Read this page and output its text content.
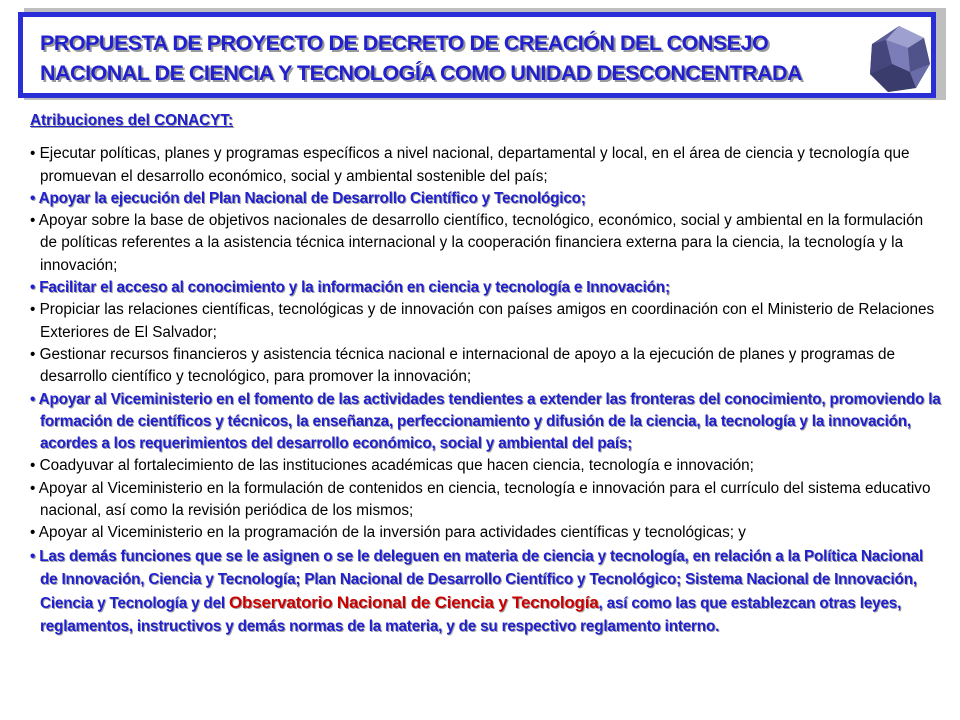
PROPUESTA DE PROYECTO DE DECRETO DE CREACIÓN DEL CONSEJO
NACIONAL DE CIENCIA Y TECNOLOGÍA COMO UNIDAD DESCONCENTRADA

Atribuciones del CONACYT:

• Ejecutar políticas, planes y programas específicos a nivel nacional, departamental y local, en el área de ciencia y tecnología que promuevan el desarrollo económico, social y ambiental sostenible del país;

• Apoyar la ejecución del Plan Nacional de Desarrollo Científico y Tecnológico;

• Apoyar sobre la base de objetivos nacionales de desarrollo científico, tecnológico, económico, social y ambiental en la formulación de políticas referentes a la asistencia técnica internacional y la cooperación financiera externa para la ciencia, la tecnología y la innovación;

• Facilitar el acceso al conocimiento y la información en ciencia y tecnología e Innovación;

• Propiciar las relaciones científicas, tecnológicas y de innovación con países amigos en coordinación con el Ministerio de Relaciones Exteriores de El Salvador;

• Gestionar recursos financieros y asistencia técnica nacional e internacional de apoyo a la ejecución de planes y programas de desarrollo científico y tecnológico, para promover la innovación;

• Apoyar al Viceministerio en el fomento de las actividades tendientes a extender las fronteras del conocimiento, promoviendo la formación de científicos y técnicos, la enseñanza, perfeccionamiento y difusión de la ciencia, la tecnología y la innovación, acordes a los requerimientos del desarrollo económico, social y ambiental del país;

• Coadyuvar al fortalecimiento de las instituciones académicas que hacen ciencia, tecnología e innovación;

• Apoyar al Viceministerio en la formulación de contenidos en ciencia, tecnología e innovación para el currículo del sistema educativo nacional, así como la revisión periódica de los mismos;

• Apoyar al Viceministerio en la programación de la inversión para actividades científicas y tecnológicas; y

• Las demás funciones que se le asignen o se le deleguen en materia de ciencia y tecnología, en relación a la Política Nacional de Innovación, Ciencia y Tecnología; Plan Nacional de Desarrollo Científico y Tecnológico; Sistema Nacional de Innovación, Ciencia y Tecnología y del Observatorio Nacional de Ciencia y Tecnología, así como las que establezcan otras leyes, reglamentos, instructivos y demás normas de la materia, y de su respectivo reglamento interno.
